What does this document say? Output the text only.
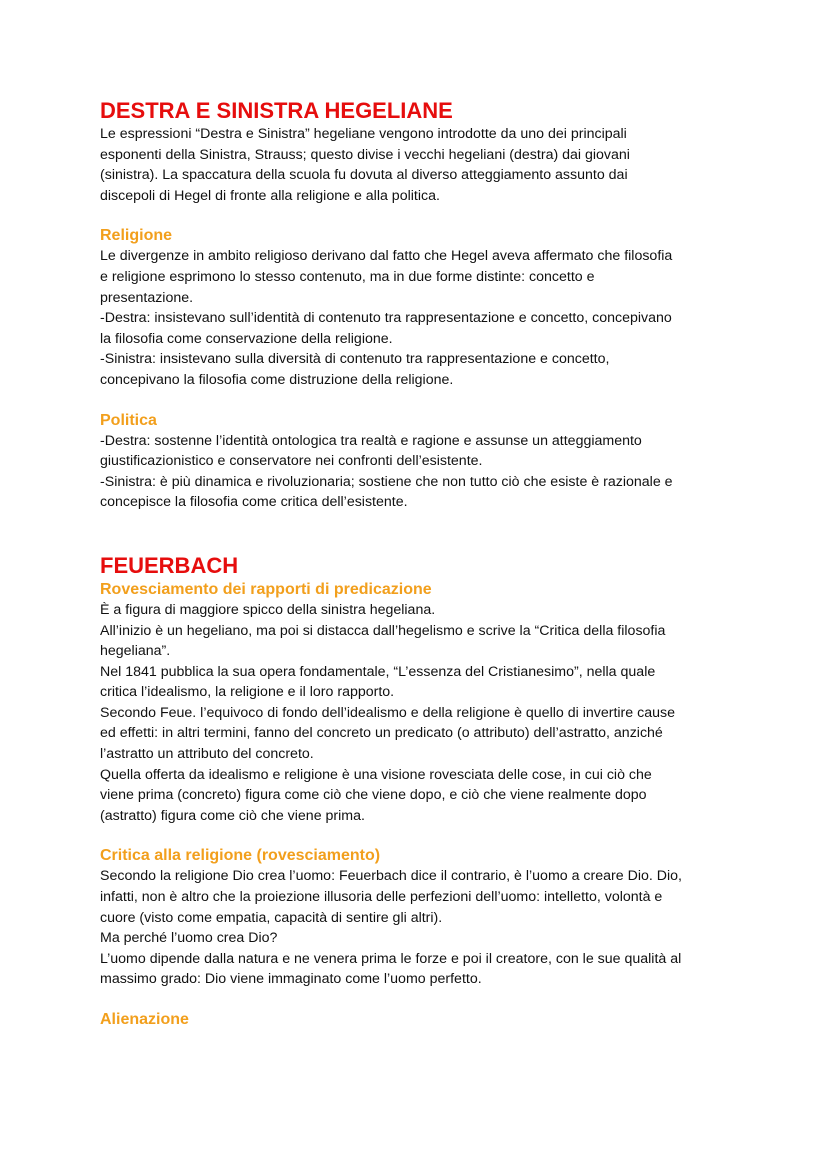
DESTRA E SINISTRA HEGELIANE

Le espressioni “Destra e Sinistra” hegeliane vengono introdotte da uno dei principali

esponenti della Sinistra, Strauss; questo divise i vecchi hegeliani (destra) dai giovani

(sinistra). La spaccatura della scuola fu dovuta al diverso atteggiamento assunto dai

discepoli di Hegel di fronte alla religione e alla politica.

Religione

Le divergenze in ambito religioso derivano dal fatto che Hegel aveva affermato che filosofia

e religione esprimono lo stesso contenuto, ma in due forme distinte: concetto e

presentazione.

-Destra: insistevano sull’identità di contenuto tra rappresentazione e concetto, concepivano

la filosofia come conservazione della religione.

-Sinistra: insistevano sulla diversità di contenuto tra rappresentazione e concetto,

concepivano la filosofia come distruzione della religione.

Politica

-Destra: sostenne l’identità ontologica tra realtà e ragione e assunse un atteggiamento

giustificazionistico e conservatore nei confronti dell’esistente.

-Sinistra: è più dinamica e rivoluzionaria; sostiene che non tutto ciò che esiste è razionale e

concepisce la filosofia come critica dell’esistente.

FEUERBACH
Rovesciamento dei rapporti di predicazione

È a figura di maggiore spicco della sinistra hegeliana.

All’inizio è un hegeliano, ma poi si distacca dall’hegelismo e scrive la “Critica della filosofia

hegeliana”.

Nel 1841 pubblica la sua opera fondamentale, “L’essenza del Cristianesimo”, nella quale

critica l’idealismo, la religione e il loro rapporto.

Secondo Feue. l’equivoco di fondo dell’idealismo e della religione è quello di invertire cause

ed effetti: in altri termini, fanno del concreto un predicato (o attributo) dell’astratto, anziché

l’astratto un attributo del concreto.

Quella offerta da idealismo e religione è una visione rovesciata delle cose, in cui ciò che

viene prima (concreto) figura come ciò che viene dopo, e ciò che viene realmente dopo

(astratto) figura come ciò che viene prima.

Critica alla religione (rovesciamento)

Secondo la religione Dio crea l’uomo: Feuerbach dice il contrario, è l’uomo a creare Dio. Dio,

infatti, non è altro che la proiezione illusoria delle perfezioni dell’uomo: intelletto, volontà e

cuore (visto come empatia, capacità di sentire gli altri).

Ma perché l’uomo crea Dio?

L’uomo dipende dalla natura e ne venera prima le forze e poi il creatore, con le sue qualità al

massimo grado: Dio viene immaginato come l’uomo perfetto.

Alienazione
